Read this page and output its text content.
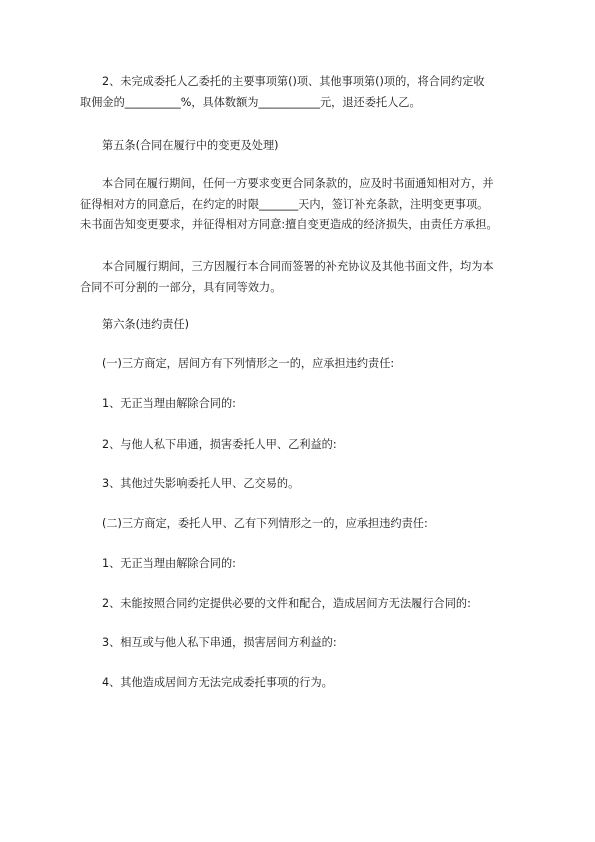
2、未完成委托人乙委托的主要事项第()项、其他事项第()项的，将合同约定收
取佣金的__________%，具体数额为___________元，退还委托人乙。

第五条(合同在履行中的变更及处理)

本合同在履行期间，任何一方要求变更合同条款的，应及时书面通知相对方，并
征得相对方的同意后，在约定的时限_______天内，签订补充条款，注明变更事项。
未书面告知变更要求，并征得相对方同意:擅自变更造成的经济损失，由责任方承担。

本合同履行期间，三方因履行本合同而签署的补充协议及其他书面文件，均为本
合同不可分割的一部分，具有同等效力。

第六条(违约责任)

(一)三方商定，居间方有下列情形之一的，应承担违约责任:

1、无正当理由解除合同的:

2、与他人私下串通，损害委托人甲、乙利益的:

3、其他过失影响委托人甲、乙交易的。

(二)三方商定，委托人甲、乙有下列情形之一的，应承担违约责任:

1、无正当理由解除合同的:

2、未能按照合同约定提供必要的文件和配合，造成居间方无法履行合同的:

3、相互或与他人私下串通，损害居间方利益的:

4、其他造成居间方无法完成委托事项的行为。
